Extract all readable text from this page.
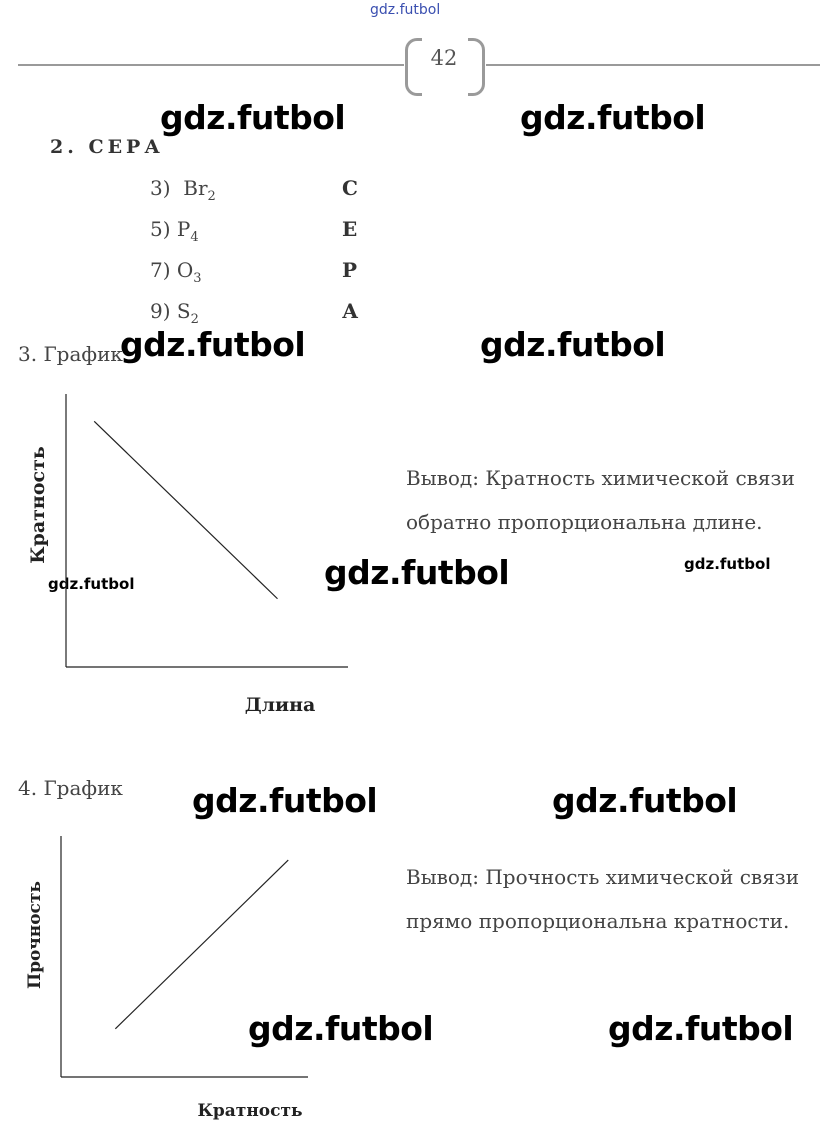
gdz.futbol
42
gdz.futbol	gdz.futbol
gdz.futbol	gdz.futbol
gdz.futbol
gdz.futbol	gdz.futbol
gdz.futbol	gdz.futbol
gdz.futbol
gdz.futbol
2. СЕРА
3) $Br_2$	С
5) $P_4$	Е
7) $O_3$	Р
9) $S_2$	А
3. График
Кратность
Длина
Вывод: Кратность химической связи
обратно пропорциональна длине.
4. График
Прочность
Кратность
Вывод: Прочность химической связи
прямо пропорциональна кратности.
